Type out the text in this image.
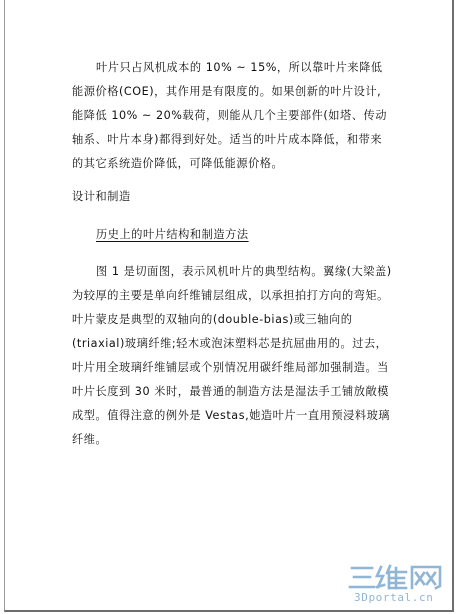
叶片只占风机成本的 10% ~ 15%，所以靠叶片来降低能源价格(COE)，其作用是有限度的。如果创新的叶片设计,能降低 10% ~ 20%载荷，则能从几个主要部件(如塔、传动轴系、叶片本身)都得到好处。适当的叶片成本降低，和带来的其它系统造价降低，可降低能源价格。
设计和制造
历史上的叶片结构和制造方法
图 1 是切面图，表示风机叶片的典型结构。翼缘(大梁盖)为较厚的主要是单向纤维铺层组成，以承担拍打方向的弯矩。叶片蒙皮是典型的双轴向的(double-bias)或三轴向的(triaxial)玻璃纤维;轻木或泡沫塑料芯是抗屈曲用的。过去，叶片用全玻璃纤维铺层或个别情况用碳纤维局部加强制造。当叶片长度到 30 米时，最普通的制造方法是湿法手工铺放敞模成型。值得注意的例外是 Vestas,她造叶片一直用预浸料玻璃纤维。
3Dportal.cn
